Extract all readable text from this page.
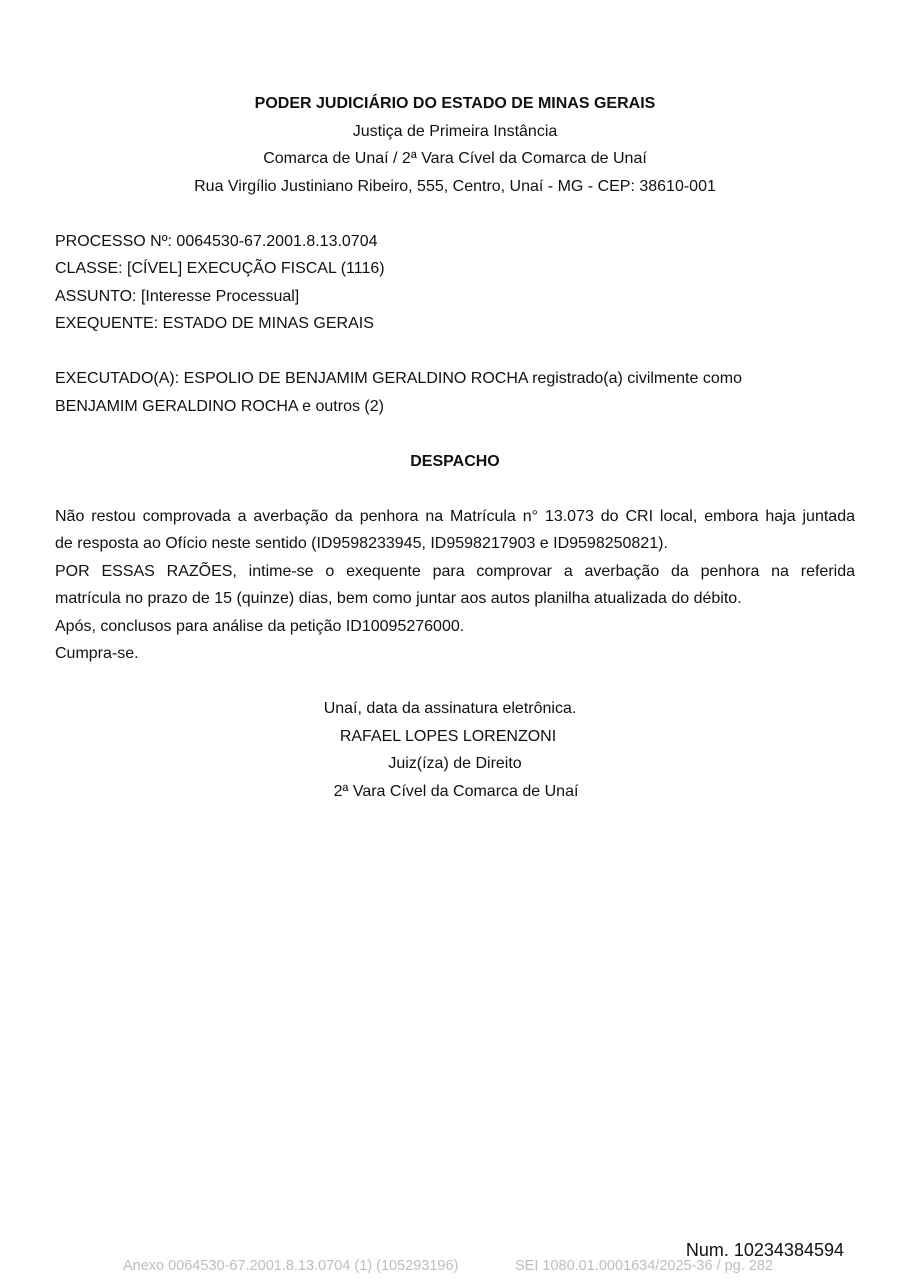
PODER JUDICIÁRIO DO ESTADO DE MINAS GERAIS
Justiça de Primeira Instância
Comarca de Unaí / 2ª Vara Cível da Comarca de Unaí
Rua Virgílio Justiniano Ribeiro, 555, Centro, Unaí - MG - CEP: 38610-001
PROCESSO Nº: 0064530-67.2001.8.13.0704
CLASSE: [CÍVEL] EXECUÇÃO FISCAL (1116)
ASSUNTO: [Interesse Processual]
EXEQUENTE: ESTADO DE MINAS GERAIS
EXECUTADO(A): ESPOLIO DE BENJAMIM GERALDINO ROCHA registrado(a) civilmente como
BENJAMIM GERALDINO ROCHA e outros (2)
DESPACHO
Não restou comprovada a averbação da penhora na Matrícula n° 13.073 do CRI local, embora haja juntada
de resposta ao Ofício neste sentido (ID9598233945, ID9598217903 e ID9598250821).
POR ESSAS RAZÕES, intime-se o exequente para comprovar a averbação da penhora na referida
matrícula no prazo de 15 (quinze) dias, bem como juntar aos autos planilha atualizada do débito.
Após, conclusos para análise da petição ID10095276000.
Cumpra-se.
Unaí, data da assinatura eletrônica.
RAFAEL LOPES LORENZONI
Juiz(íza) de Direito
2ª Vara Cível da Comarca de Unaí
Num. 10234384594
Anexo 0064530-67.2001.8.13.0704 (1) (105293196)	SEI 1080.01.0001634/2025-36 / pg. 282
